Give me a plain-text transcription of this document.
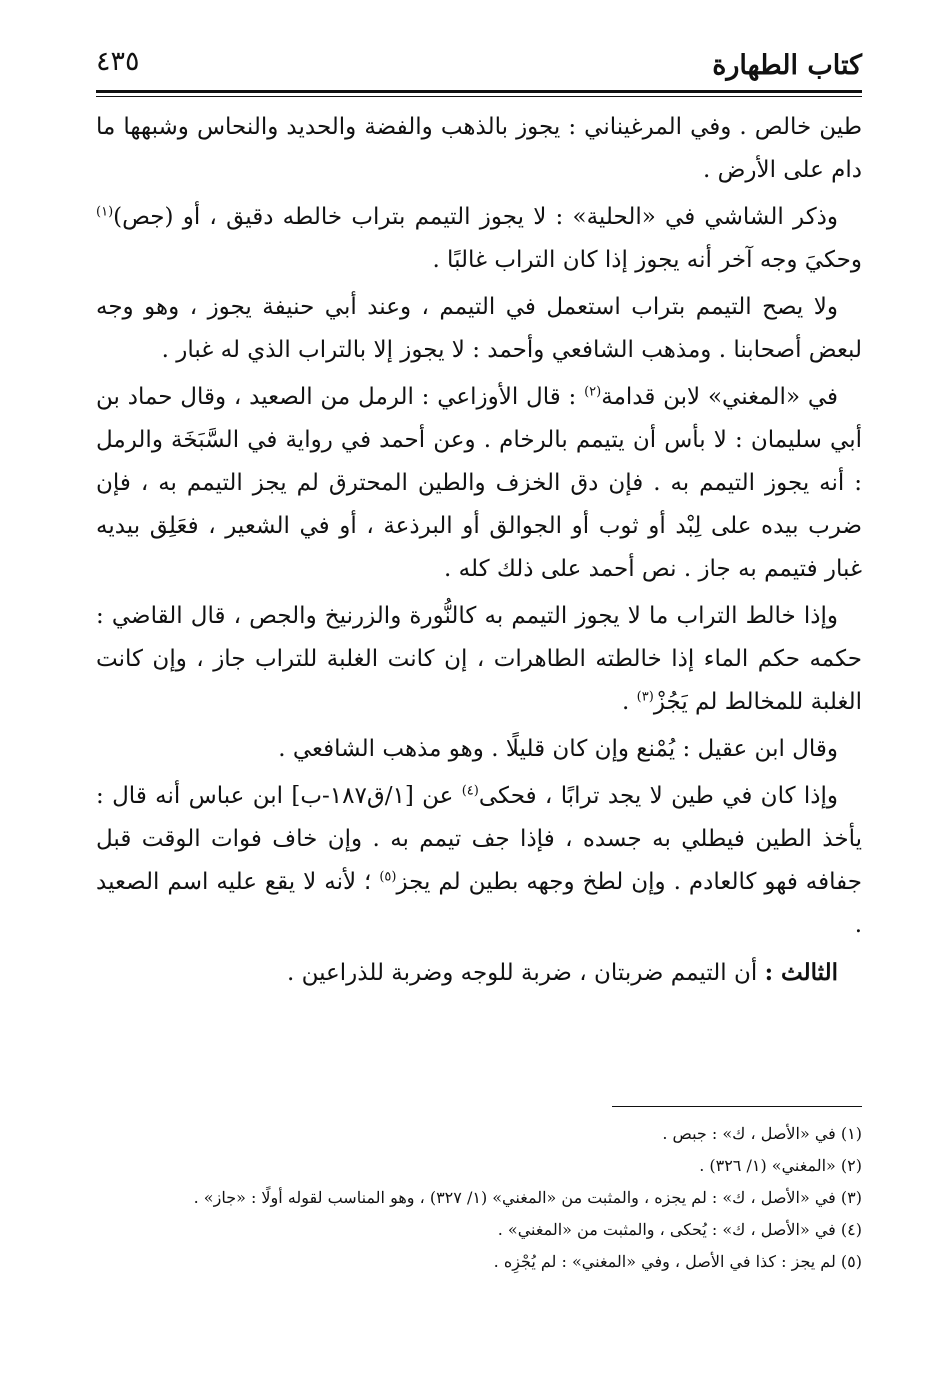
كتاب الطهارة
٤٣٥

طين خالص . وفي المرغيناني : يجوز بالذهب والفضة والحديد والنحاس وشبهها ما دام على الأرض .

وذكر الشاشي في «الحلية» : لا يجوز التيمم بتراب خالطه دقيق ، أو (جص)$^{(١)}$ وحكيَ وجه آخر أنه يجوز إذا كان التراب غالبًا .

ولا يصح التيمم بتراب استعمل في التيمم ، وعند أبي حنيفة يجوز ، وهو وجه لبعض أصحابنا . ومذهب الشافعي وأحمد : لا يجوز إلا بالتراب الذي له غبار .

في «المغني» لابن قدامة$^{(٢)}$ : قال الأوزاعي : الرمل من الصعيد ، وقال حماد بن أبي سليمان : لا بأس أن يتيمم بالرخام . وعن أحمد في رواية في السَّبَخَة والرمل : أنه يجوز التيمم به . فإن دق الخزف والطين المحترق لم يجز التيمم به ، فإن ضرب بيده على لِبْد أو ثوب أو الجوالق أو البرذعة ، أو في الشعير ، فعَلِق بيديه غبار فتيمم به جاز . نص أحمد على ذلك كله .

وإذا خالط التراب ما لا يجوز التيمم به كالنُّورة والزرنيخ والجص ، قال القاضي : حكمه حكم الماء إذا خالطته الطاهرات ، إن كانت الغلبة للتراب جاز ، وإن كانت الغلبة للمخالط لم يَجُزْ$^{(٣)}$ .

وقال ابن عقيل : يُمْنع وإن كان قليلًا . وهو مذهب الشافعي .

وإذا كان في طين لا يجد ترابًا ، فحكى$^{(٤)}$ عن [١/ق١٨٧-ب] ابن عباس أنه قال : يأخذ الطين فيطلي به جسده ، فإذا جف تيمم به . وإن خاف فوات الوقت قبل جفافه فهو كالعادم . وإن لطخ وجهه بطين لم يجز$^{(٥)}$ ؛ لأنه لا يقع عليه اسم الصعيد .

الثالث : أن التيمم ضربتان ، ضربة للوجه وضربة للذراعين .

(١) في «الأصل ، ك» : جبص .

(٢) «المغني» (١/ ٣٢٦) .

(٣) في «الأصل ، ك» : لم يجزه ، والمثبت من «المغني» (١/ ٣٢٧) ، وهو المناسب لقوله أولًا : «جاز» .

(٤) في «الأصل ، ك» : يُحكى ، والمثبت من «المغني» .

(٥) لم يجز : كذا في الأصل ، وفي «المغني» : لم يُجْزِه .
